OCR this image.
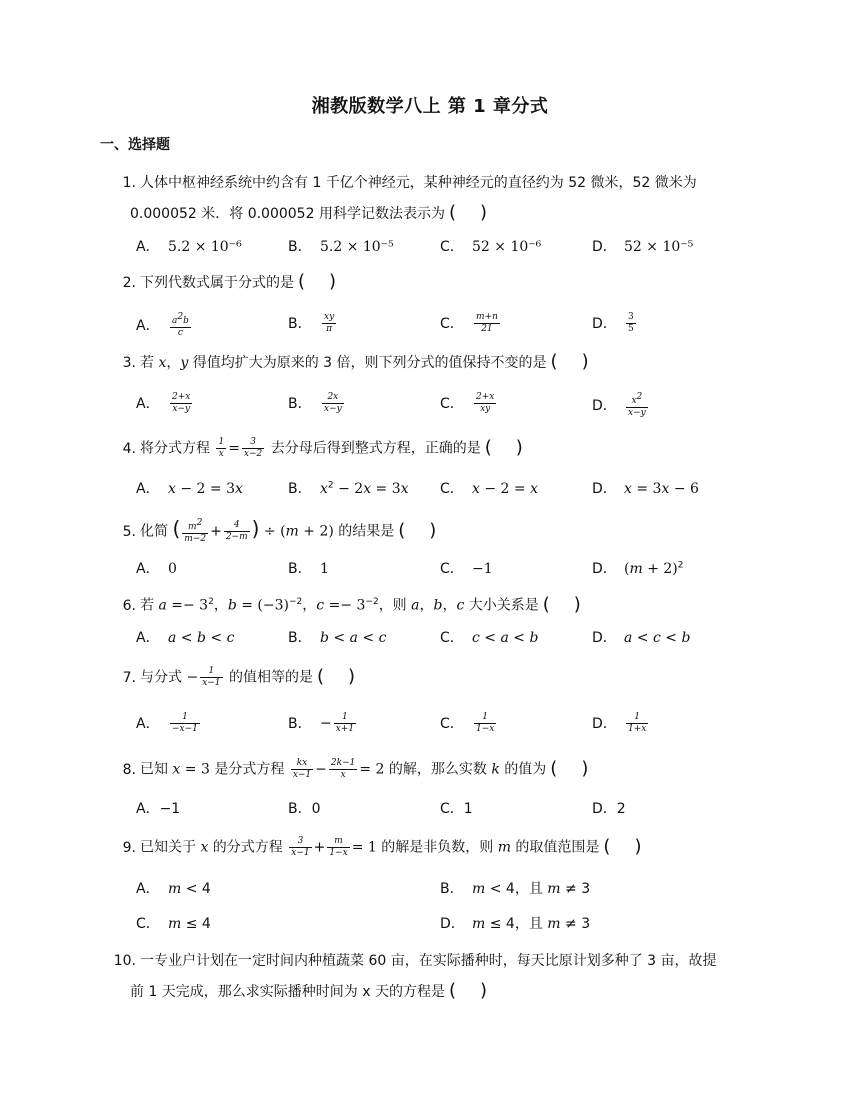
湘教版数学八上 第 1 章分式
一、选择题
1. 人体中枢神经系统中约含有 1 千亿个神经元，某种神经元的直径约为 52 微米，52 微米为
0.000052 米．将 0.000052 用科学记数法表示为( )
A． 5.2 × 10⁻⁶	B． 5.2 × 10⁻⁵	C． 52 × 10⁻⁶	D． 52 × 10⁻⁵
2. 下列代数式属于分式的是( )
A． $\frac{a^2b}{c}$	B． $\frac{xy}{\pi}$	C． $\frac{m+n}{21}$	D． $\frac{3}{5}$
3. 若 x，y 得值均扩大为原来的 3 倍，则下列分式的值保持不变的是( )
A． $\frac{2+x}{x-y}$	B． $\frac{2x}{x-y}$	C． $\frac{2+x}{xy}$	D． $\frac{x^2}{x-y}$
4. 将分式方程 $\frac{1}{x} = \frac{3}{x-2}$ 去分母后得到整式方程，正确的是( )
A． x − 2 = 3x	B． $x^2 - 2x = 3x$ C． x − 2 = x	D． x = 3x − 6
5. 化简 ( $\frac{m^2}{m-2} + \frac{4}{2-m}$ ) ÷ (m + 2) 的结果是( )
A． 0	B． 1	C． −1	D． $(m + 2)^2$
6. 若 $a =- 3^2$，$b = (-3)^{-2}$，$c =- 3^{-2}$，则 a，b，c 大小关系是( )
A． a < b < c	B． b < a < c	C． c < a < b	D． a < c < b
7. 与分式 − $\frac{1}{x-1}$ 的值相等的是( )
A． $\frac{1}{-x-1}$	B． − $\frac{1}{x+1}$	C． $\frac{1}{1-x}$	D． $\frac{1}{1+x}$
8. 已知 x = 3 是分式方程 $\frac{kx}{x-1} - \frac{2k-1}{x} = 2$ 的解，那么实数 k 的值为( )
A．−1	B．0	C．1	D．2
9. 已知关于 x 的分式方程 $\frac{3}{x-1} + \frac{m}{1-x} = 1$ 的解是非负数，则 m 的取值范围是( )
A． m < 4	B． m < 4，且 m ≠ 3
C． m ≤ 4	D． m ≤ 4，且 m ≠ 3
10. 一专业户计划在一定时间内种植蔬菜 60 亩，在实际播种时，每天比原计划多种了 3 亩，故提
前 1 天完成，那么求实际播种时间为 x 天的方程是( )
